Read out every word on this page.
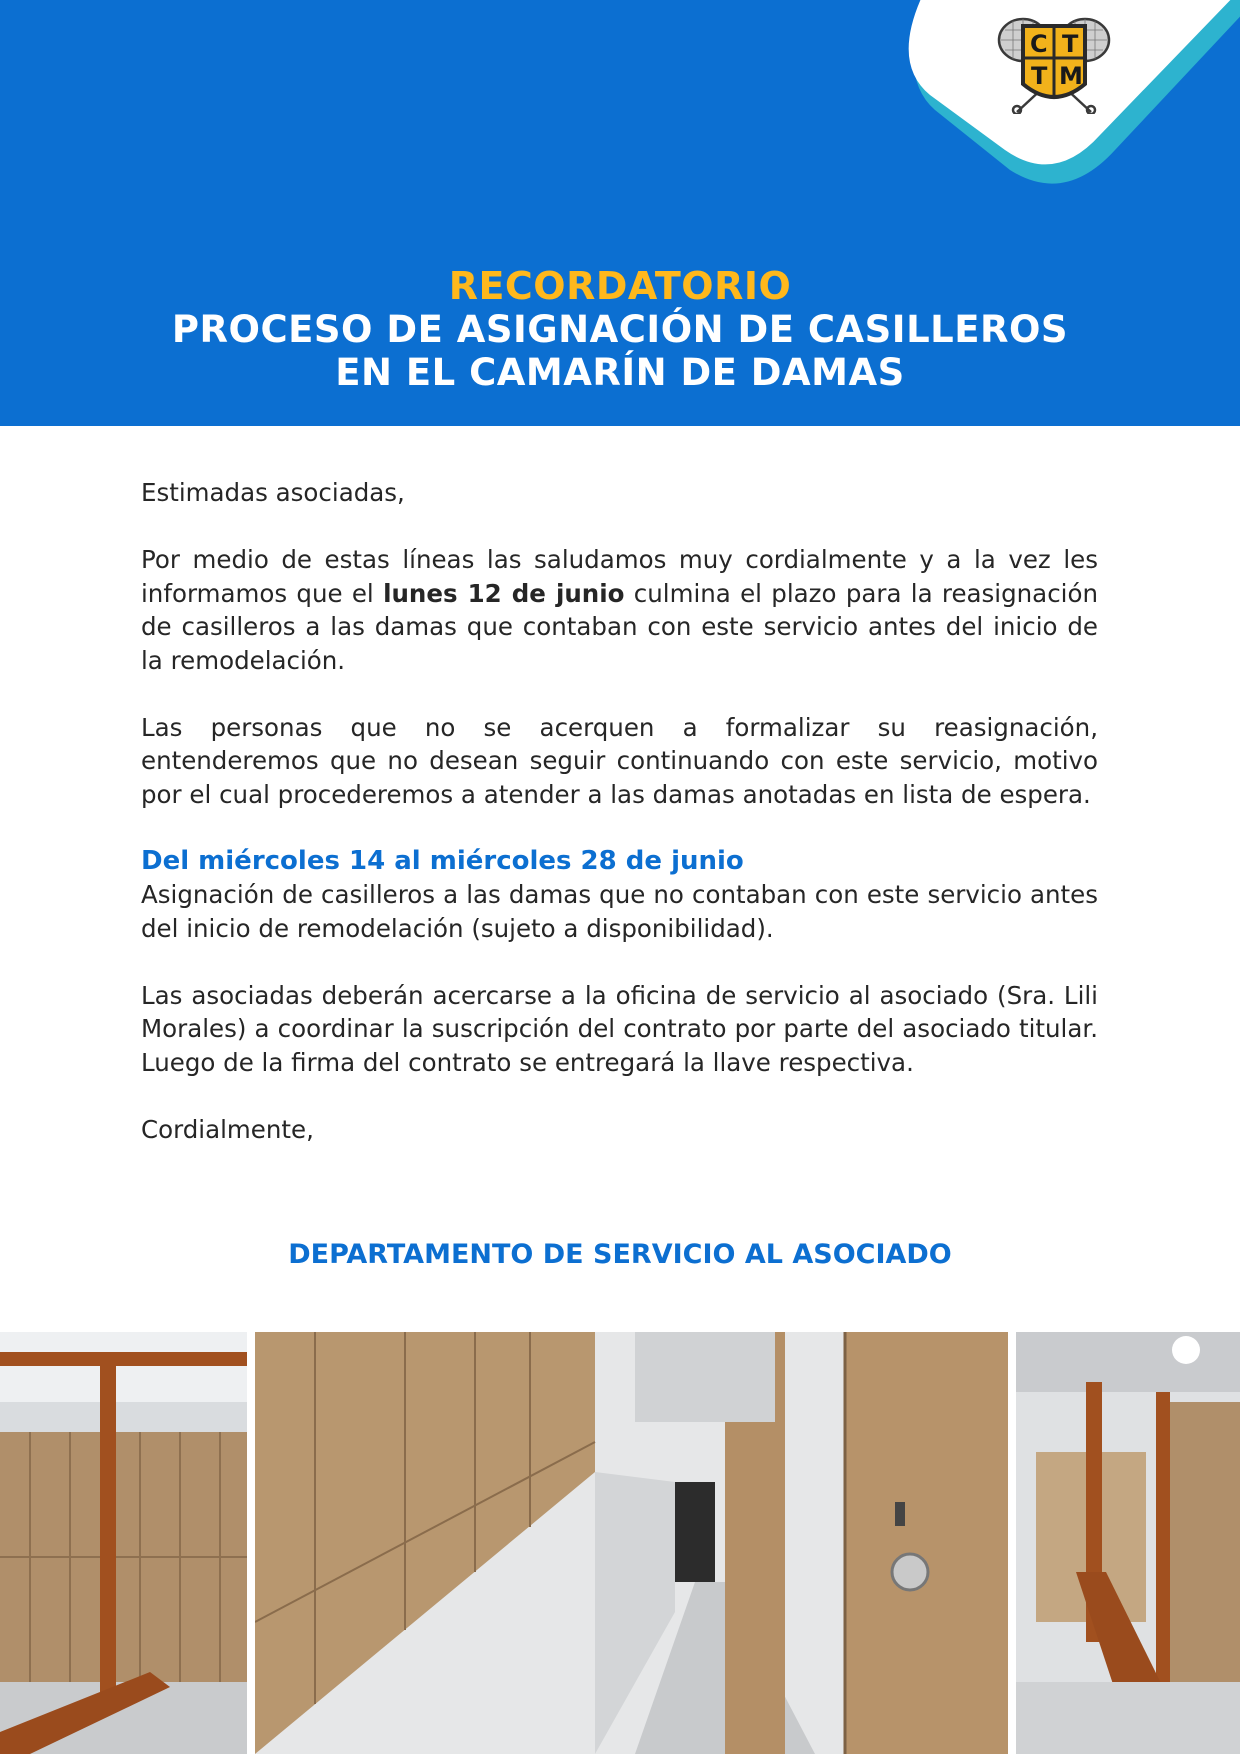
C T
T M
RECORDATORIO
PROCESO DE ASIGNACIÓN DE CASILLEROS
EN EL CAMARÍN DE DAMAS

Estimadas asociadas,

Por medio de estas líneas las saludamos muy cordialmente y a la vez les informamos que el lunes 12 de junio culmina el plazo para la reasignación de casilleros a las damas que contaban con este servicio antes del inicio de la remodelación.

Las personas que no se acerquen a formalizar su reasignación, entenderemos que no desean seguir continuando con este servicio, motivo por el cual procederemos a atender a las damas anotadas en lista de espera.

Del miércoles 14 al miércoles 28 de junio

Asignación de casilleros a las damas que no contaban con este servicio antes del inicio de remodelación (sujeto a disponibilidad).

Las asociadas deberán acercarse a la oficina de servicio al asociado (Sra. Lili Morales) a coordinar la suscripción del contrato por parte del asociado titular. Luego de la firma del contrato se entregará la llave respectiva.

Cordialmente,

DEPARTAMENTO DE SERVICIO AL ASOCIADO
